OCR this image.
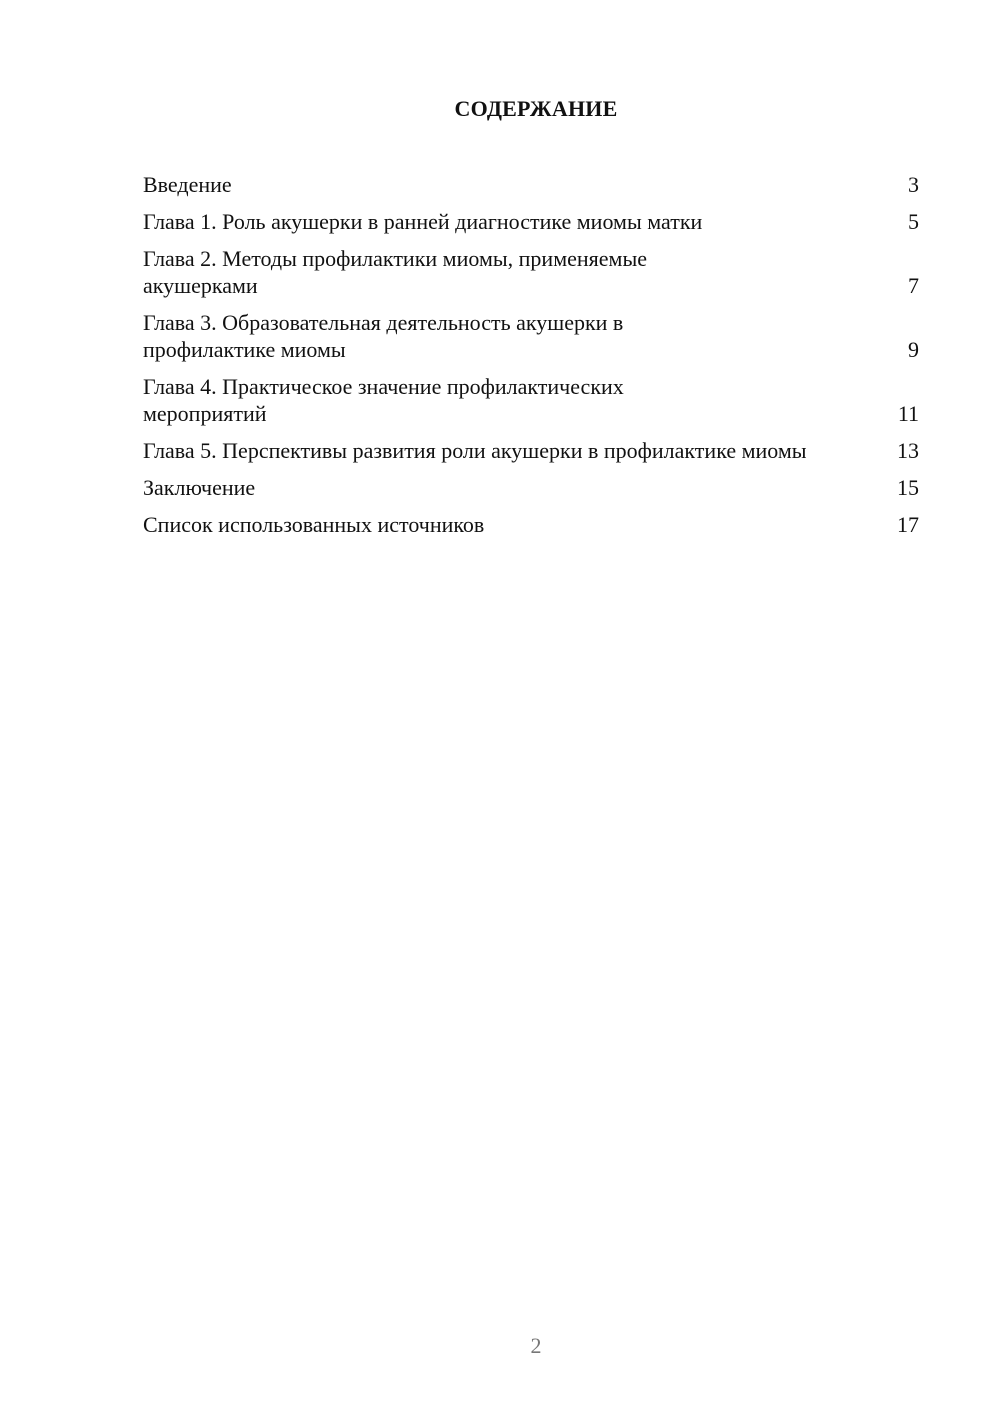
СОДЕРЖАНИЕ
Введение	3
Глава 1. Роль акушерки в ранней диагностике миомы матки	5
Глава 2. Методы профилактики миомы, применяемые акушерками	7
Глава 3. Образовательная деятельность акушерки в профилактике миомы	9
Глава 4. Практическое значение профилактических мероприятий	11
Глава 5. Перспективы развития роли акушерки в профилактике миомы	13
Заключение	15
Список использованных источников	17
2
